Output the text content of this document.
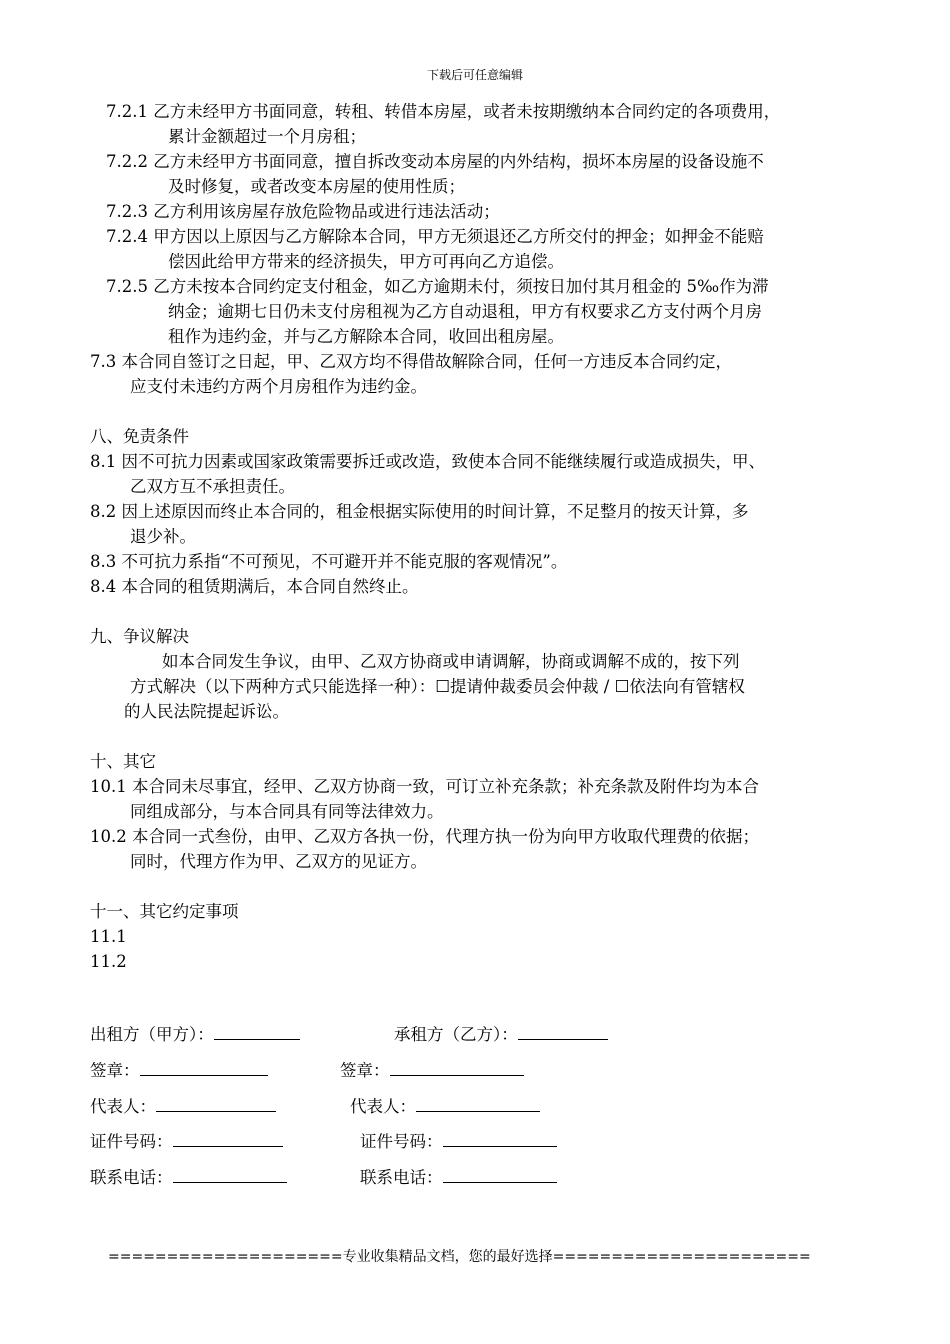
下载后可任意编辑
7.2.1 乙方未经甲方书面同意，转租、转借本房屋，或者未按期缴纳本合同约定的各项费用，
累计金额超过一个月房租；
7.2.2 乙方未经甲方书面同意，擅自拆改变动本房屋的内外结构，损坏本房屋的设备设施不
及时修复，或者改变本房屋的使用性质；
7.2.3 乙方利用该房屋存放危险物品或进行违法活动；
7.2.4 甲方因以上原因与乙方解除本合同，甲方无须退还乙方所交付的押金；如押金不能赔
偿因此给甲方带来的经济损失，甲方可再向乙方追偿。
7.2.5 乙方未按本合同约定支付租金，如乙方逾期未付，须按日加付其月租金的 5‰作为滞
纳金；逾期七日仍未支付房租视为乙方自动退租，甲方有权要求乙方支付两个月房
租作为违约金，并与乙方解除本合同，收回出租房屋。
7.3 本合同自签订之日起，甲、乙双方均不得借故解除合同，任何一方违反本合同约定，
应支付未违约方两个月房租作为违约金。
八、免责条件
8.1 因不可抗力因素或国家政策需要拆迁或改造，致使本合同不能继续履行或造成损失，甲、
乙双方互不承担责任。
8.2 因上述原因而终止本合同的，租金根据实际使用的时间计算，不足整月的按天计算，多
退少补。
8.3 不可抗力系指“不可预见，不可避开并不能克服的客观情况”。
8.4 本合同的租赁期满后，本合同自然终止。
九、争议解决
如本合同发生争议，由甲、乙双方协商或申请调解，协商或调解不成的，按下列
方式解决（以下两种方式只能选择一种）：☐提请仲裁委员会仲裁 / ☐依法向有管辖权
的人民法院提起诉讼。
十、其它
10.1 本合同未尽事宜，经甲、乙双方协商一致，可订立补充条款；补充条款及附件均为本合
同组成部分，与本合同具有同等法律效力。
10.2 本合同一式叁份，由甲、乙双方各执一份，代理方执一份为向甲方收取代理费的依据；
同时，代理方作为甲、乙双方的见证方。
十一、其它约定事项
11.1
11.2
出租方（甲方）：	承租方（乙方）：
签章：	签章：
代表人：	代表人：
证件号码：	证件号码：
联系电话：	联系电话：
====================专业收集精品文档，您的最好选择======================
